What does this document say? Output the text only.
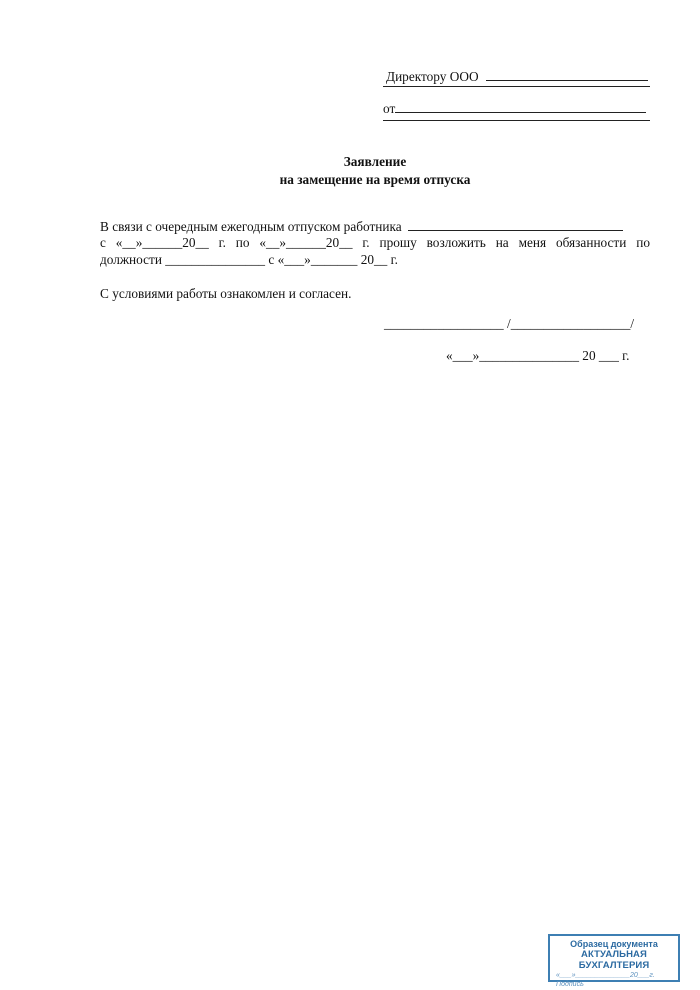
Директору ООО
от
Заявление
на замещение на время отпуска
В связи с очередным ежегодным отпуском работника
с «__»______20__ г. по «__»______20__ г. прошу возложить на меня обязанности по
должности _______________ с «___»_______ 20__ г.
С условиями работы ознакомлен и согласен.
__________________ /__________________/
«___»_______________ 20 ___ г.
Образец документа
АКТУАЛЬНАЯ БУХГАЛТЕРИЯ
«___»______________20___г.
Подпись
